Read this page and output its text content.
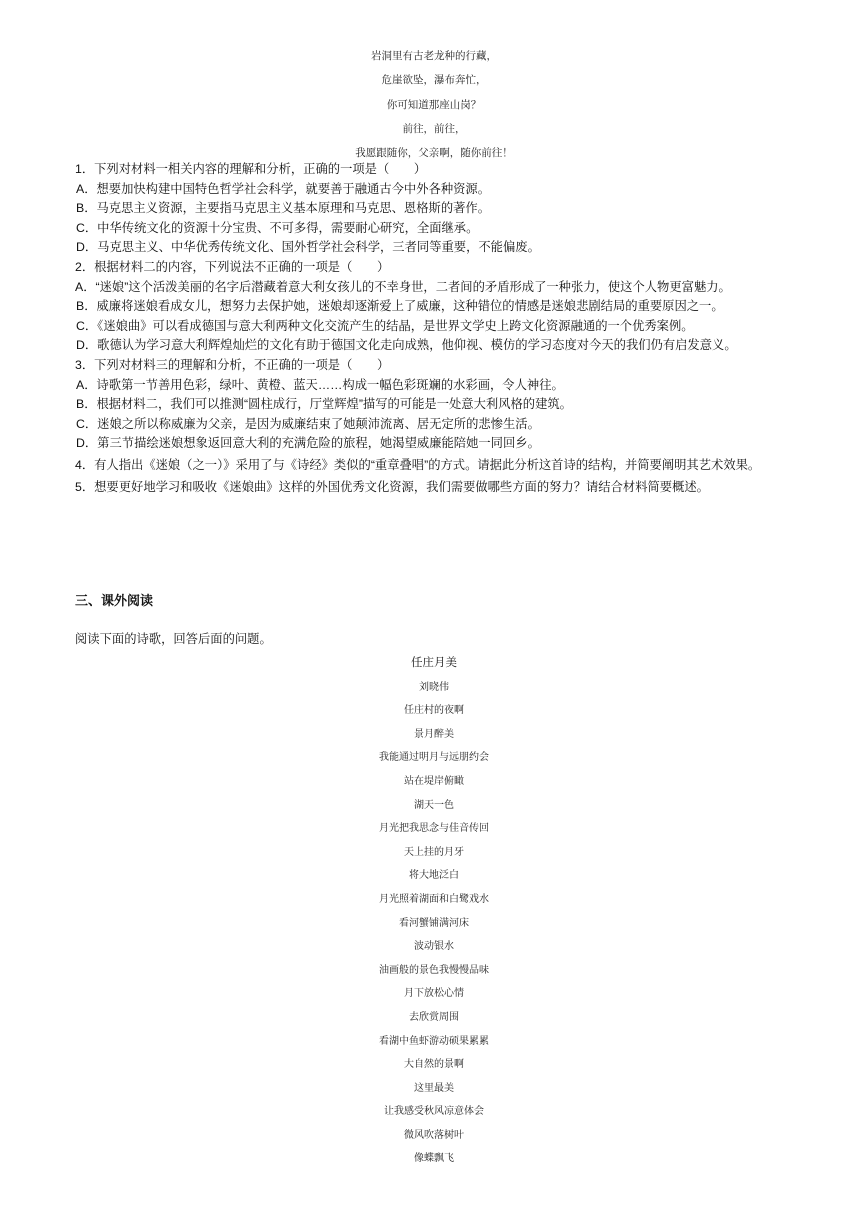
岩洞里有古老龙种的行藏，
危崖欲坠，瀑布奔忙，
你可知道那座山岗？
前往，前往，
我愿跟随你，父亲啊，随你前往！
1．下列对材料一相关内容的理解和分析，正确的一项是（　　）
A．想要加快构建中国特色哲学社会科学，就要善于融通古今中外各种资源。
B．马克思主义资源，主要指马克思主义基本原理和马克思、恩格斯的著作。
C．中华传统文化的资源十分宝贵、不可多得，需要耐心研究，全面继承。
D．马克思主义、中华优秀传统文化、国外哲学社会科学，三者同等重要，不能偏废。
2．根据材料二的内容，下列说法不正确的一项是（　　）
A．“迷娘”这个活泼美丽的名字后潜藏着意大利女孩儿的不幸身世，二者间的矛盾形成了一种张力，使这个人物更富魅力。
B．威廉将迷娘看成女儿，想努力去保护她，迷娘却逐渐爱上了威廉，这种错位的情感是迷娘悲剧结局的重要原因之一。
C．《迷娘曲》可以看成德国与意大利两种文化交流产生的结晶，是世界文学史上跨文化资源融通的一个优秀案例。
D．歌德认为学习意大利辉煌灿烂的文化有助于德国文化走向成熟，他仰视、模仿的学习态度对今天的我们仍有启发意义。
3．下列对材料三的理解和分析，不正确的一项是（　　）
A．诗歌第一节善用色彩，绿叶、黄橙、蓝天……构成一幅色彩斑斓的水彩画，令人神往。
B．根据材料二，我们可以推测“圆柱成行，厅堂辉煌”描写的可能是一处意大利风格的建筑。
C．迷娘之所以称威廉为父亲，是因为威廉结束了她颠沛流离、居无定所的悲惨生活。
D．第三节描绘迷娘想象返回意大利的充满危险的旅程，她渴望威廉能陪她一同回乡。
4．有人指出《迷娘（之一）》采用了与《诗经》类似的“重章叠唱”的方式。请据此分析这首诗的结构，并简要阐明其艺术效果。
5．想要更好地学习和吸收《迷娘曲》这样的外国优秀文化资源，我们需要做哪些方面的努力？请结合材料简要概述。
三、课外阅读
阅读下面的诗歌，回答后面的问题。
任庄月美
刘晓伟
任庄村的夜啊
景月醉美
我能通过明月与远朋约会
站在堤岸俯瞰
湖天一色
月光把我思念与佳音传回
天上挂的月牙
将大地泛白
月光照着湖面和白鹭戏水
看河蟹铺满河床
波动银水
油画般的景色我慢慢品味
月下放松心情
去欣赏周围
看湖中鱼虾游动硕果累累
大自然的景啊
这里最美
让我感受秋风凉意体会
微风吹落树叶
像蝶飘飞
